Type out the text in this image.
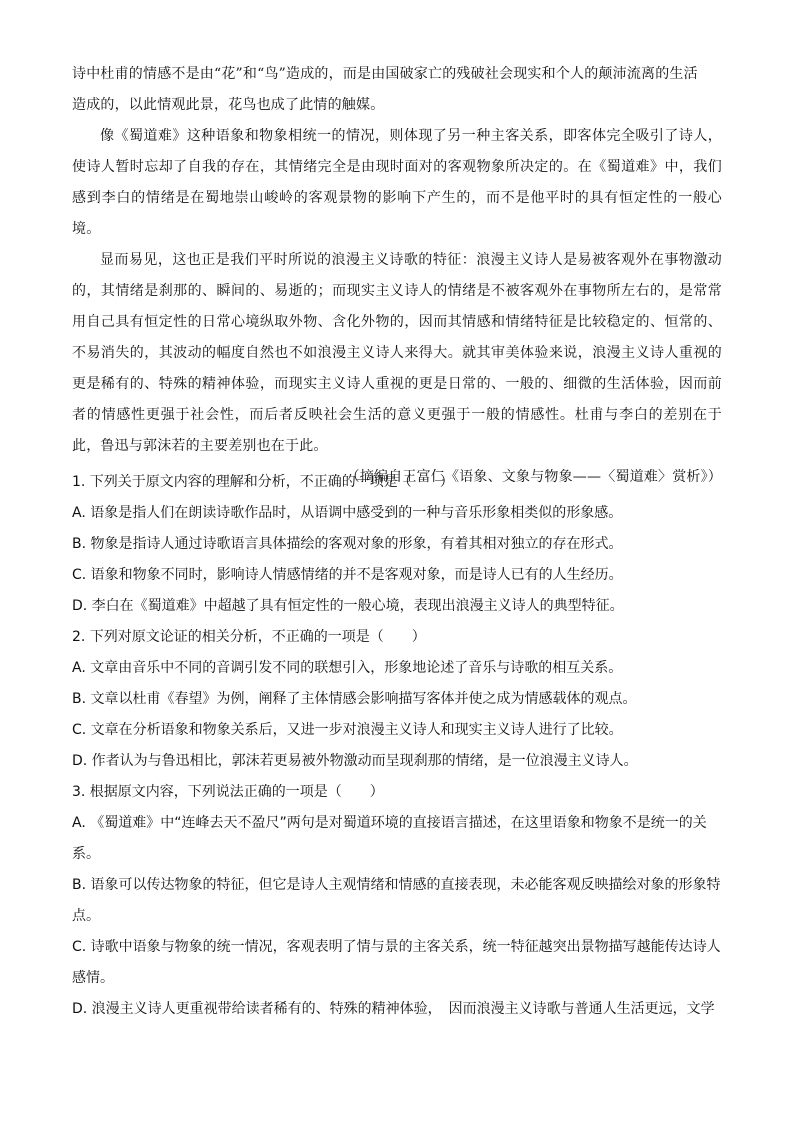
诗中杜甫的情感不是由“花”和“鸟”造成的，而是由国破家亡的残破社会现实和个人的颠沛流离的生活

造成的，以此情观此景，花鸟也成了此情的触媒。

像《蜀道难》这种语象和物象相统一的情况，则体现了另一种主客关系，即客体完全吸引了诗人，使诗人暂时忘却了自我的存在，其情绪完全是由现时面对的客观物象所决定的。在《蜀道难》中，我们感到李白的情绪是在蜀地崇山峻岭的客观景物的影响下产生的，而不是他平时的具有恒定性的一般心境。

显而易见，这也正是我们平时所说的浪漫主义诗歌的特征：浪漫主义诗人是易被客观外在事物激动的，其情绪是刹那的、瞬间的、易逝的；而现实主义诗人的情绪是不被客观外在事物所左右的，是常常用自己具有恒定性的日常心境纵取外物、含化外物的，因而其情感和情绪特征是比较稳定的、恒常的、不易消失的，其波动的幅度自然也不如浪漫主义诗人来得大。就其审美体验来说，浪漫主义诗人重视的更是稀有的、特殊的精神体验，而现实主义诗人重视的更是日常的、一般的、细微的生活体验，因而前者的情感性更强于社会性，而后者反映社会生活的意义更强于一般的情感性。杜甫与李白的差别在于此，鲁迅与郭沫若的主要差别也在于此。

（摘编自王富仁《语象、文象与物象——〈蜀道难〉赏析》）

1. 下列关于原文内容的理解和分析，不正确的一项是（　　）

A. 语象是指人们在朗读诗歌作品时，从语调中感受到的一种与音乐形象相类似的形象感。

B. 物象是指诗人通过诗歌语言具体描绘的客观对象的形象，有着其相对独立的存在形式。

C. 语象和物象不同时，影响诗人情感情绪的并不是客观对象，而是诗人已有的人生经历。

D. 李白在《蜀道难》中超越了具有恒定性的一般心境，表现出浪漫主义诗人的典型特征。

2. 下列对原文论证的相关分析，不正确的一项是（　　）

A. 文章由音乐中不同的音调引发不同的联想引入，形象地论述了音乐与诗歌的相互关系。

B. 文章以杜甫《春望》为例，阐释了主体情感会影响描写客体并使之成为情感载体的观点。

C. 文章在分析语象和物象关系后，又进一步对浪漫主义诗人和现实主义诗人进行了比较。

D. 作者认为与鲁迅相比，郭沫若更易被外物激动而呈现刹那的情绪，是一位浪漫主义诗人。

3. 根据原文内容，下列说法正确的一项是（　　）

A. 《蜀道难》中“连峰去天不盈尺”两句是对蜀道环境的直接语言描述，在这里语象和物象不是统一的关系。

B. 语象可以传达物象的特征，但它是诗人主观情绪和情感的直接表现，未必能客观反映描绘对象的形象特点。

C. 诗歌中语象与物象的统一情况，客观表明了情与景的主客关系，统一特征越突出景物描写越能传达诗人感情。

D. 浪漫主义诗人更重视带给读者稀有的、特殊的精神体验，　因而浪漫主义诗歌与普通人生活更远，文学
